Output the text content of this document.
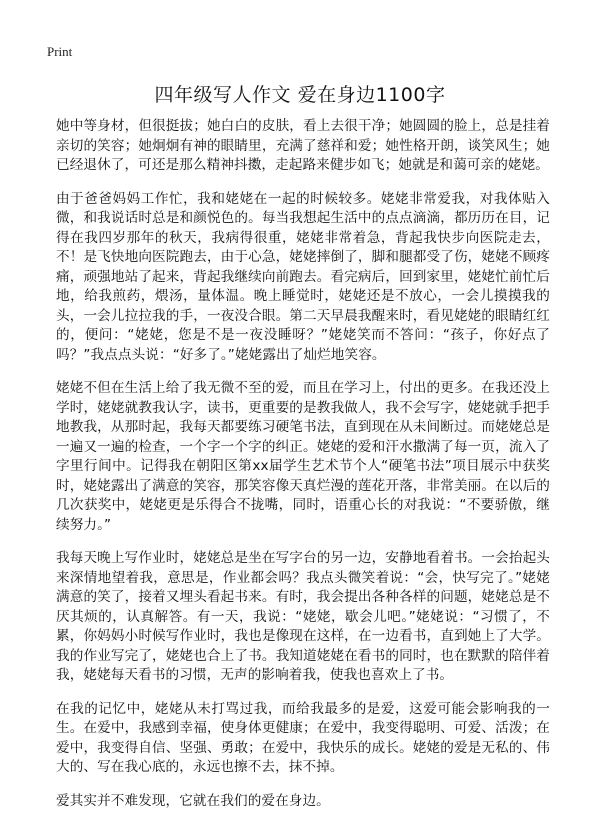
Print
四年级写人作文 爱在身边1100字

她中等身材，但很挺拔；她白白的皮肤，看上去很干净；她圆圆的脸上，总是挂着亲切的笑容；她炯炯有神的眼睛里，充满了慈祥和爱；她性格开朗，谈笑风生；她已经退休了，可还是那么精神抖擞，走起路来健步如飞；她就是和蔼可亲的姥姥。

由于爸爸妈妈工作忙，我和姥姥在一起的时候较多。姥姥非常爱我，对我体贴入微，和我说话时总是和颜悦色的。每当我想起生活中的点点滴滴，都历历在目，记得在我四岁那年的秋天，我病得很重，姥姥非常着急，背起我快步向医院走去，不！是飞快地向医院跑去，由于心急，姥姥摔倒了，脚和腿都受了伤，姥姥不顾疼痛，顽强地站了起来，背起我继续向前跑去。看完病后，回到家里，姥姥忙前忙后地，给我煎药，煨汤，量体温。晚上睡觉时，姥姥还是不放心，一会儿摸摸我的头，一会儿拉拉我的手，一夜没合眼。第二天早晨我醒来时，看见姥姥的眼睛红红的，便问：“姥姥，您是不是一夜没睡呀？”姥姥笑而不答问：“孩子，你好点了吗？”我点点头说：“好多了。”姥姥露出了灿烂地笑容。

姥姥不但在生活上给了我无微不至的爱，而且在学习上，付出的更多。在我还没上学时，姥姥就教我认字，读书，更重要的是教我做人，我不会写字，姥姥就手把手地教我，从那时起，我每天都要练习硬笔书法，直到现在从未间断过。而姥姥总是一遍又一遍的检查，一个字一个字的纠正。姥姥的爱和汗水撒满了每一页，流入了字里行间中。记得我在朝阳区第xx届学生艺术节个人“硬笔书法”项目展示中获奖时，姥姥露出了满意的笑容，那笑容像天真烂漫的莲花开落，非常美丽。在以后的几次获奖中，姥姥更是乐得合不拢嘴，同时，语重心长的对我说：“不要骄傲，继续努力。”

我每天晚上写作业时，姥姥总是坐在写字台的另一边，安静地看着书。一会抬起头来深情地望着我，意思是，作业都会吗？我点头微笑着说：“会，快写完了。”姥姥满意的笑了，接着又埋头看起书来。有时，我会提出各种各样的问题，姥姥总是不厌其烦的，认真解答。有一天，我说：“姥姥，歇会儿吧。”姥姥说：“习惯了，不累，你妈妈小时候写作业时，我也是像现在这样，在一边看书，直到她上了大学。我的作业写完了，姥姥也合上了书。我知道姥姥在看书的同时，也在默默的陪伴着我，姥姥每天看书的习惯，无声的影响着我，使我也喜欢上了书。

在我的记忆中，姥姥从未打骂过我，而给我最多的是爱，这爱可能会影响我的一生。在爱中，我感到幸福，使身体更健康；在爱中，我变得聪明、可爱、活泼；在爱中，我变得自信、坚强、勇敢；在爱中，我快乐的成长。姥姥的爱是无私的、伟大的、写在我心底的，永远也擦不去，抹不掉。

爱其实并不难发现，它就在我们的爱在身边。
